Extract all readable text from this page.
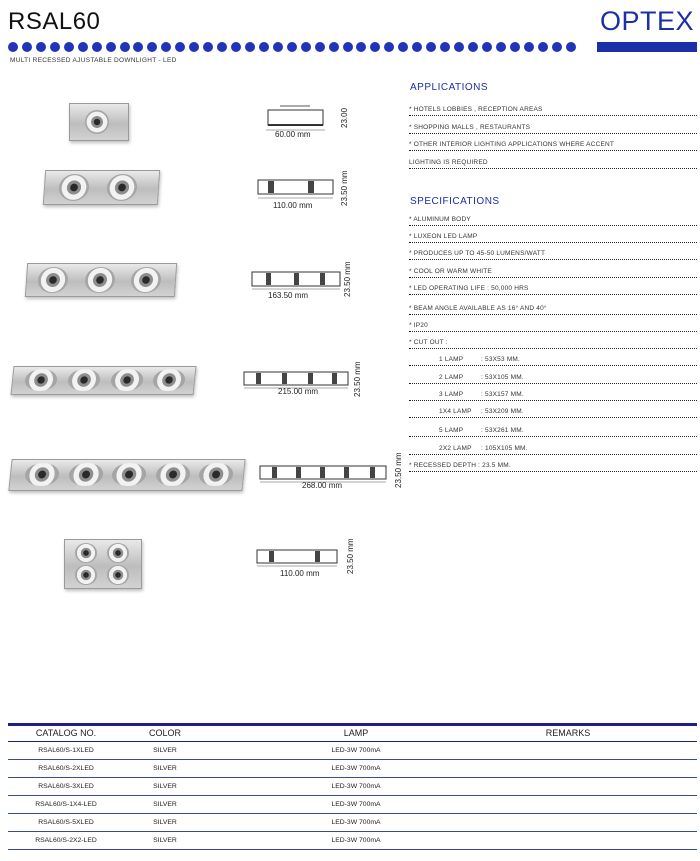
RSAL60	OPTEX
MULTI RECESSED AJUSTABLE DOWNLIGHT - LED
60.00 mm
23.00
110.00 mm	23.50 mm
163.50 mm	23.50 mm
215.00 mm	23.50 mm
268.00 mm	23.50 mm
110.00 mm	23.50 mm
APPLICATIONS
* HOTELS LOBBIES , RECEPTION AREAS
* SHOPPING MALLS , RESTAURANTS
* OTHER INTERIOR LIGHTING APPLICATIONS WHERE ACCENT
LIGHTING IS REQUIRED
SPECIFICATIONS
* ALUMINUM BODY
* LUXEON LED LAMP
* PRODUCES UP TO 45-50 LUMENS/WATT
* COOL OR WARM WHITE
* LED OPERATING LIFE : 50,000 HRS
* BEAM ANGLE AVAILABLE AS 16° AND 40°
* IP20
* CUT OUT :
1 LAMP	: 53X53 MM.
2 LAMP	: 53X105 MM.
3 LAMP	: 53X157 MM.
1X4 LAMP	: 53X209 MM.
5 LAMP	: 53X261 MM.
2X2 LAMP	: 105X105 MM.
* RECESSED DEPTH : 23.5 MM.
CATALOG NO.	COLOR	LAMP	REMARKS
RSAL60/S-1XLED	SILVER	LED-3W 700mA
RSAL60/S-2XLED	SILVER	LED-3W 700mA
RSAL60/S-3XLED	SILVER	LED-3W 700mA
RSAL60/S-1X4-LED	SILVER	LED-3W 700mA
RSAL60/S-5XLED	SILVER	LED-3W 700mA
RSAL60/S-2X2-LED	SILVER	LED-3W 700mA
